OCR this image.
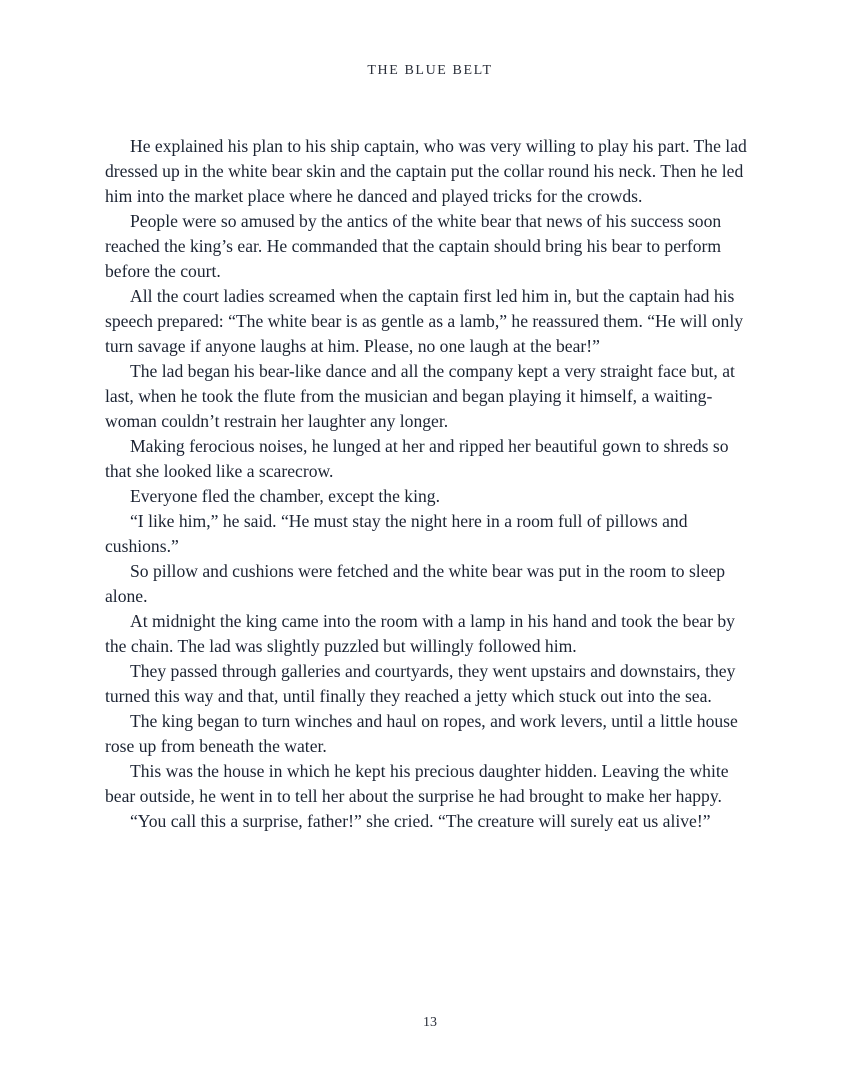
THE BLUE BELT

He explained his plan to his ship captain, who was very willing to play his part. The lad dressed up in the white bear skin and the captain put the collar round his neck. Then he led him into the market place where he danced and played tricks for the crowds.

People were so amused by the antics of the white bear that news of his success soon reached the king’s ear. He commanded that the captain should bring his bear to perform before the court.

All the court ladies screamed when the captain first led him in, but the captain had his speech prepared: “The white bear is as gentle as a lamb,” he reassured them. “He will only turn savage if anyone laughs at him. Please, no one laugh at the bear!”

The lad began his bear-like dance and all the company kept a very straight face but, at last, when he took the flute from the musician and began playing it himself, a waiting-woman couldn’t restrain her laughter any longer.

Making ferocious noises, he lunged at her and ripped her beautiful gown to shreds so that she looked like a scarecrow.

Everyone fled the chamber, except the king.

“I like him,” he said. “He must stay the night here in a room full of pillows and cushions.”

So pillow and cushions were fetched and the white bear was put in the room to sleep alone.

At midnight the king came into the room with a lamp in his hand and took the bear by the chain. The lad was slightly puzzled but willingly followed him.

They passed through galleries and courtyards, they went upstairs and downstairs, they turned this way and that, until finally they reached a jetty which stuck out into the sea.

The king began to turn winches and haul on ropes, and work levers, until a little house rose up from beneath the water.

This was the house in which he kept his precious daughter hidden. Leaving the white bear outside, he went in to tell her about the surprise he had brought to make her happy.

“You call this a surprise, father!” she cried. “The creature will surely eat us alive!”

13
